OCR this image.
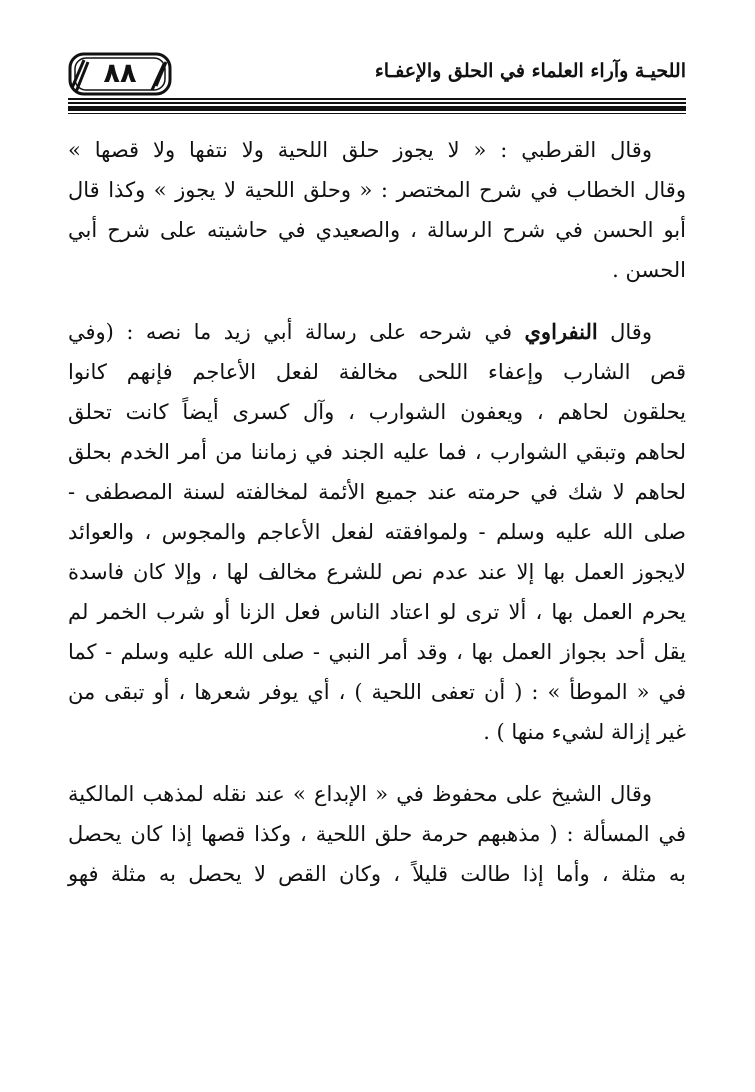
٨٨	اللحيـة وآراء العلماء في الحلق والإعفـاء
وقال القرطبي : « لا يجوز حلق اللحية ولا نتفها ولا قصها »
وقال الخطاب في شرح المختصر : « وحلق اللحية لا يجوز » وكذا قال
أبو الحسن في شرح الرسالة ، والصعيدي في حاشيته على شرح أبي
الحسن .
وقال النفراوي في شرحه على رسالة أبي زيد ما نصه : (وفي
قص الشارب وإعفاء اللحى مخالفة لفعل الأعاجم فإنهم كانوا
يحلقون لحاهم ، ويعفون الشوارب ، وآل كسرى أيضاً كانت تحلق
لحاهم وتبقي الشوارب ، فما عليه الجند في زماننا من أمر الخدم بحلق
لحاهم لا شك في حرمته عند جميع الأئمة لمخالفته لسنة المصطفى -
صلى الله عليه وسلم - ولموافقته لفعل الأعاجم والمجوس ، والعوائد
لايجوز العمل بها إلا عند عدم نص للشرع مخالف لها ، وإلا كان فاسدة
يحرم العمل بها ، ألا ترى لو اعتاد الناس فعل الزنا أو شرب الخمر لم
يقل أحد بجواز العمل بها ، وقد أمر النبي - صلى الله عليه وسلم - كما
في « الموطأ » : ( أن تعفى اللحية ) ، أي يوفر شعرها ، أو تبقى من
غير إزالة لشيء منها ) .
وقال الشيخ على محفوظ في « الإبداع » عند نقله لمذهب المالكية
في المسألة : ( مذهبهم حرمة حلق اللحية ، وكذا قصها إذا كان يحصل
به مثلة ، وأما إذا طالت قليلاً ، وكان القص لا يحصل به مثلة فهو
